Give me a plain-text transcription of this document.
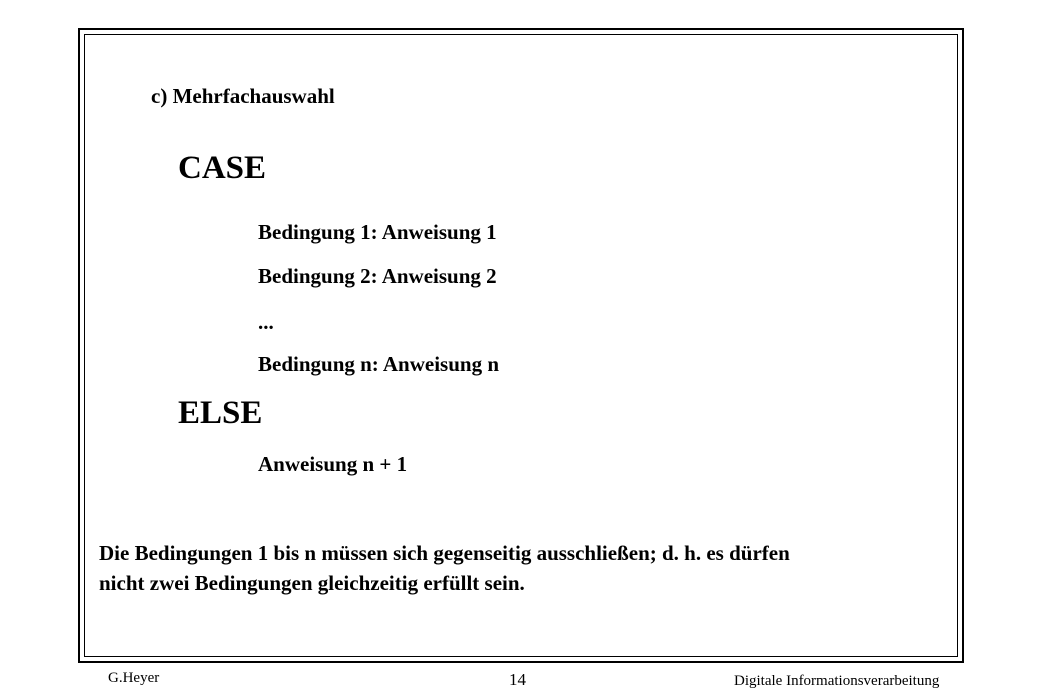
c) Mehrfachauswahl
CASE
Bedingung 1: Anweisung 1
Bedingung 2: Anweisung 2
...
Bedingung n: Anweisung n
ELSE
Anweisung n + 1
Die Bedingungen 1 bis n müssen sich gegenseitig ausschließen; d. h. es dürfen
nicht zwei Bedingungen gleichzeitig erfüllt sein.
G.Heyer	14	Digitale Informationsverarbeitung
